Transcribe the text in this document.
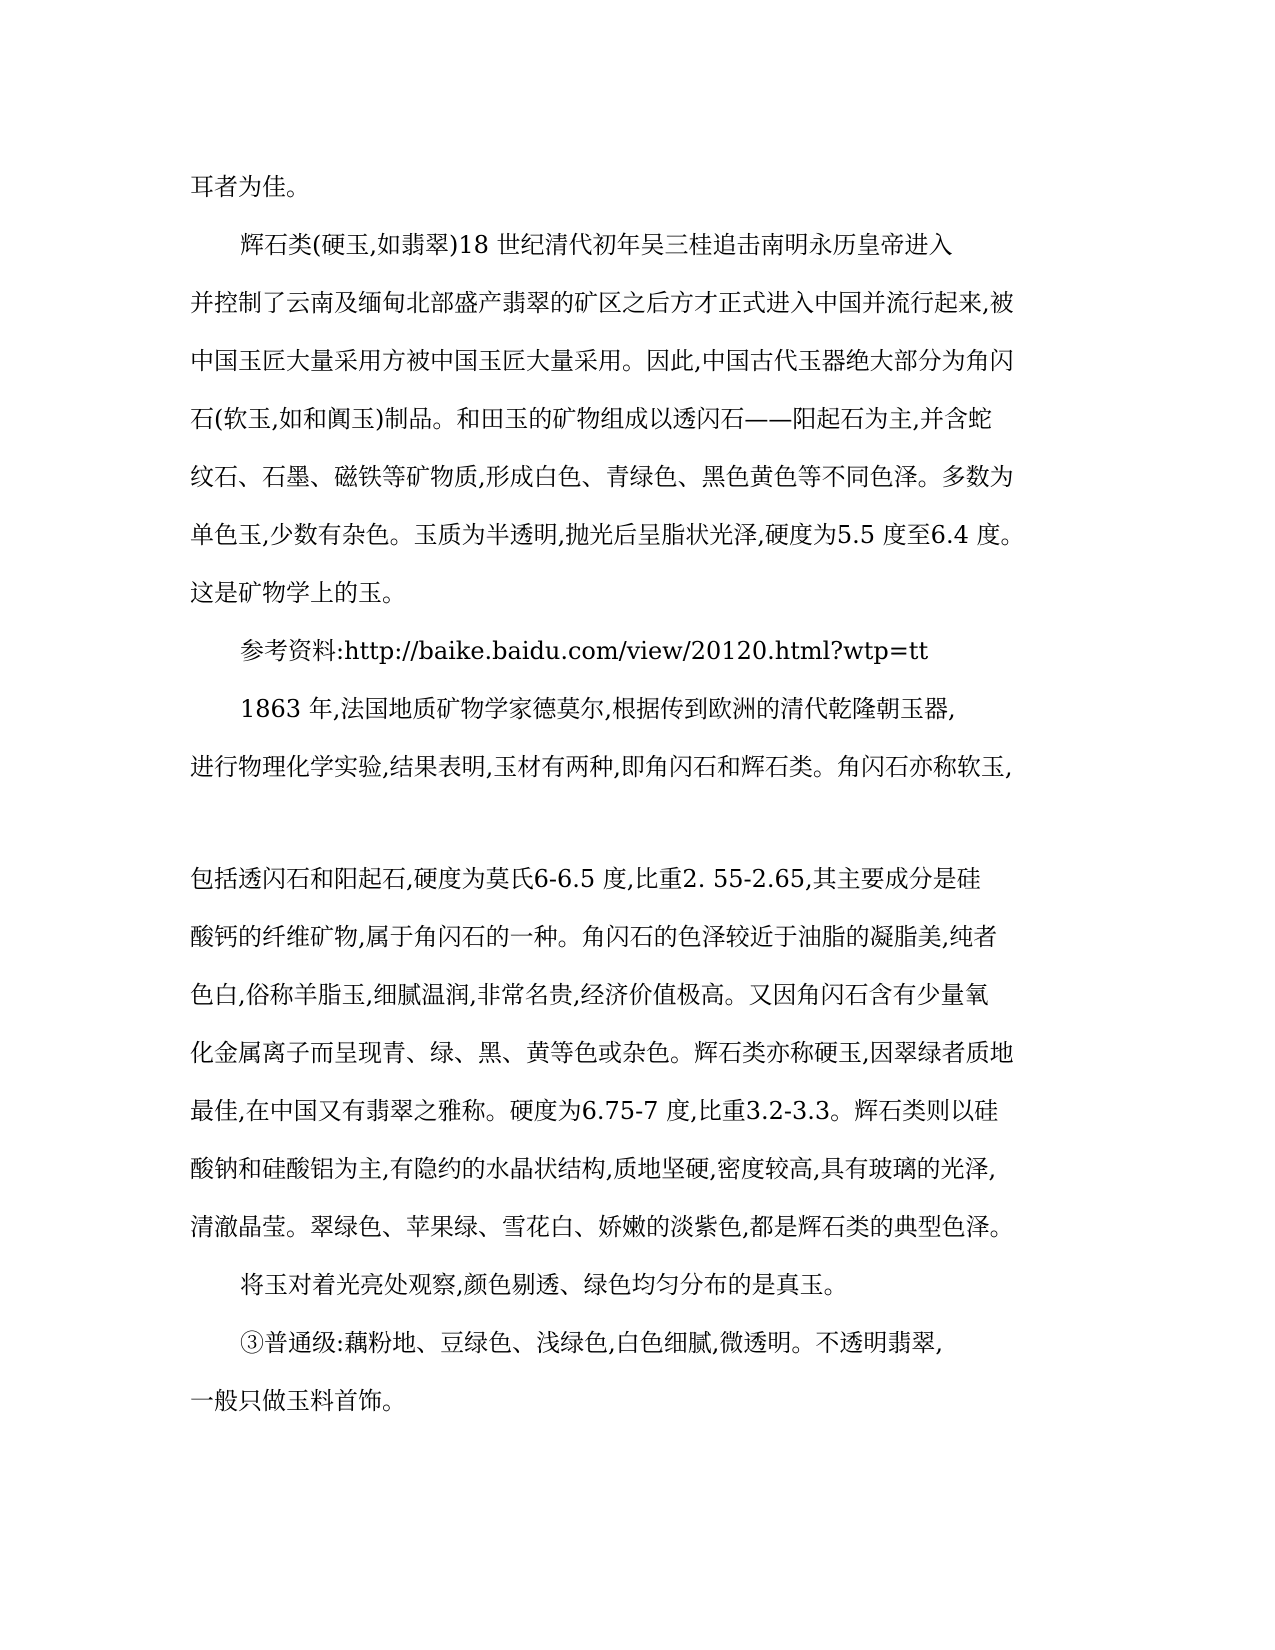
耳者为佳。
辉石类(硬玉,如翡翠)18 世纪清代初年吴三桂追击南明永历皇帝进入
并控制了云南及缅甸北部盛产翡翠的矿区之后方才正式进入中国并流行起来,被
中国玉匠大量采用方被中国玉匠大量采用。因此,中国古代玉器绝大部分为角闪
石(软玉,如和阗玉)制品。和田玉的矿物组成以透闪石——阳起石为主,并含蛇
纹石、石墨、磁铁等矿物质,形成白色、青绿色、黑色黄色等不同色泽。多数为
单色玉,少数有杂色。玉质为半透明,抛光后呈脂状光泽,硬度为5.5 度至6.4 度。
这是矿物学上的玉。
参考资料:http://baike.baidu.com/view/20120.html?wtp=tt
1863 年,法国地质矿物学家德莫尔,根据传到欧洲的清代乾隆朝玉器,
进行物理化学实验,结果表明,玉材有两种,即角闪石和辉石类。角闪石亦称软玉,
包括透闪石和阳起石,硬度为莫氏6-6.5 度,比重2. 55-2.65,其主要成分是硅
酸钙的纤维矿物,属于角闪石的一种。角闪石的色泽较近于油脂的凝脂美,纯者
色白,俗称羊脂玉,细腻温润,非常名贵,经济价值极高。又因角闪石含有少量氧
化金属离子而呈现青、绿、黑、黄等色或杂色。辉石类亦称硬玉,因翠绿者质地
最佳,在中国又有翡翠之雅称。硬度为6.75-7 度,比重3.2-3.3。辉石类则以硅
酸钠和硅酸铝为主,有隐约的水晶状结构,质地坚硬,密度较高,具有玻璃的光泽,
清澈晶莹。翠绿色、苹果绿、雪花白、娇嫩的淡紫色,都是辉石类的典型色泽。
将玉对着光亮处观察,颜色剔透、绿色均匀分布的是真玉。
③普通级:藕粉地、豆绿色、浅绿色,白色细腻,微透明。不透明翡翠,
一般只做玉料首饰。
